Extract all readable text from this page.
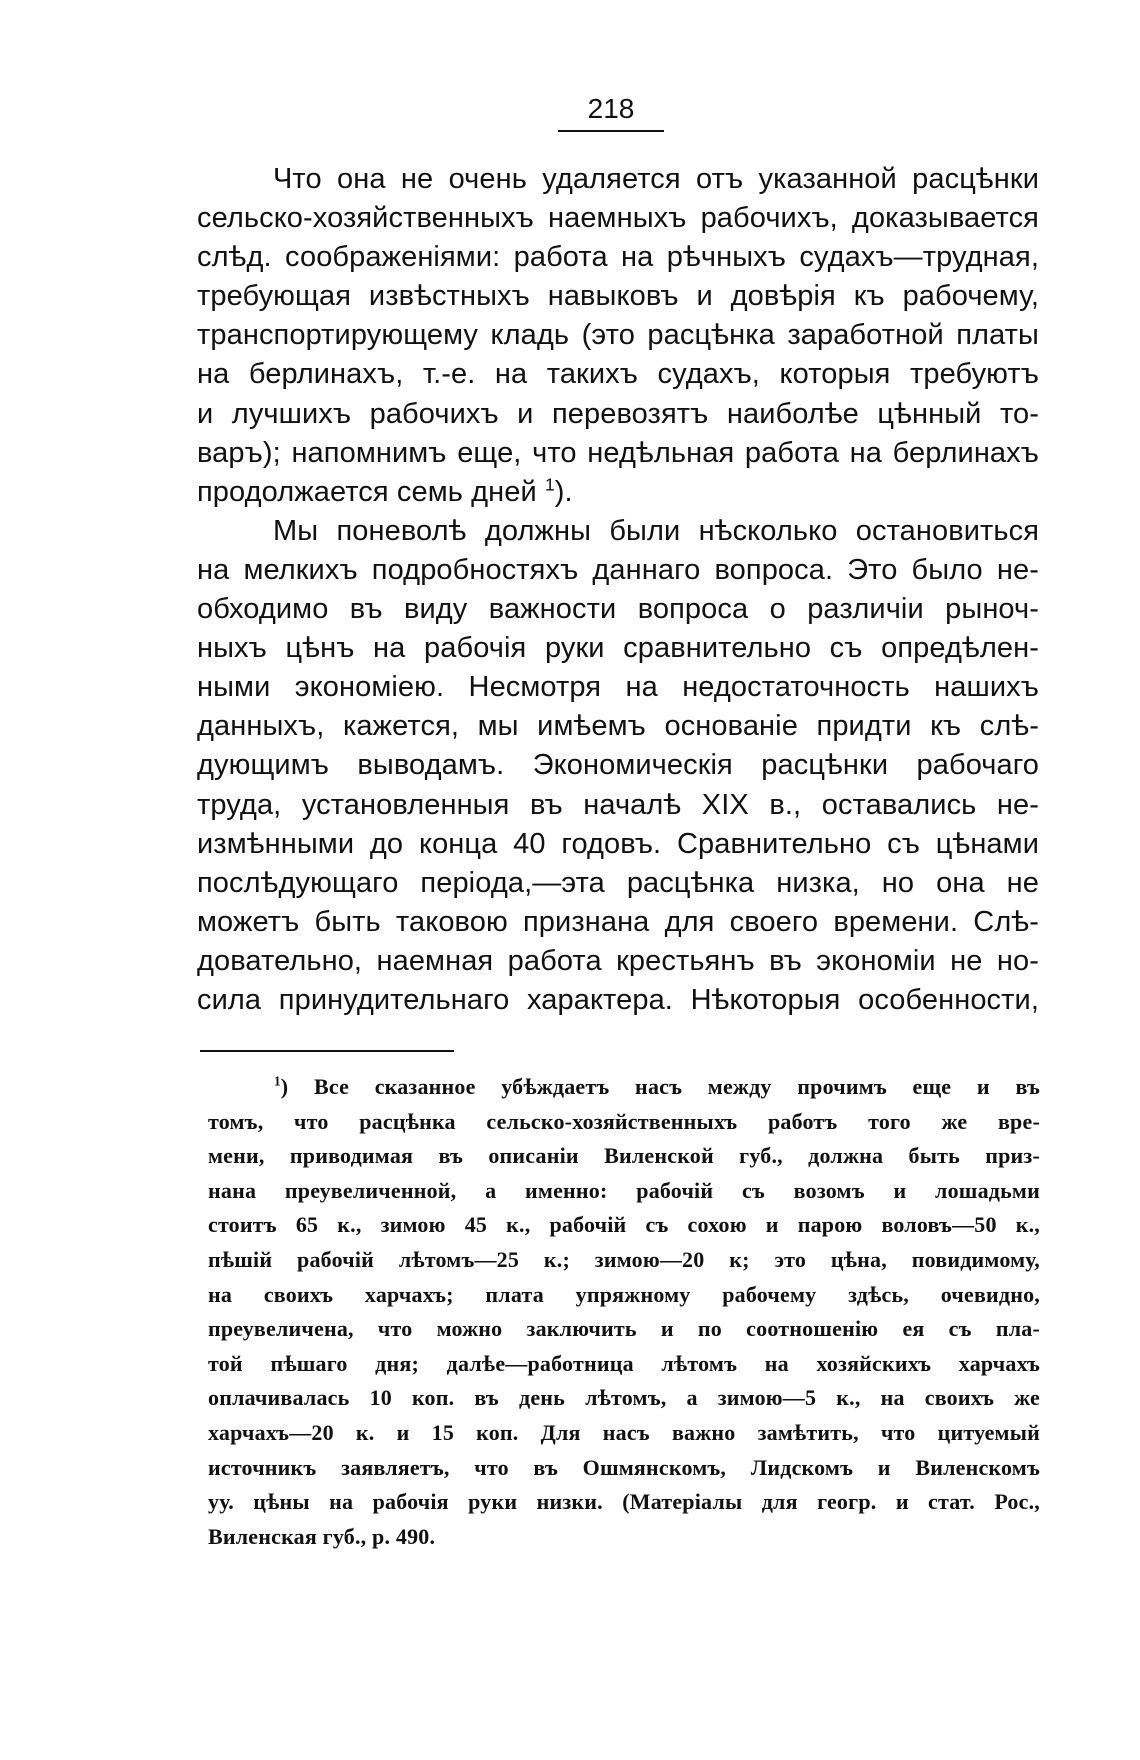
218
Что она не очень удаляется отъ указанной расцѣнки
сельско-хозяйственныхъ наемныхъ рабочихъ, доказывается
слѣд. соображеніями: работа на рѣчныхъ судахъ—трудная,
требующая извѣстныхъ навыковъ и довѣрія къ рабочему,
транспортирующему кладь (это расцѣнка заработной платы
на берлинахъ, т.-е. на такихъ судахъ, которыя требуютъ
и лучшихъ рабочихъ и перевозятъ наиболѣе цѣнный то-
варъ); напомнимъ еще, что недѣльная работа на берлинахъ
продолжается семь дней $^1$).
Мы поневолѣ должны были нѣсколько остановиться
на мелкихъ подробностяхъ даннаго вопроса. Это было не-
обходимо въ виду важности вопроса о различіи рыноч-
ныхъ цѣнъ на рабочія руки сравнительно съ опредѣлен-
ными экономіею. Несмотря на недостаточность нашихъ
данныхъ, кажется, мы имѣемъ основаніе придти къ слѣ-
дующимъ выводамъ. Экономическія расцѣнки рабочаго
труда, установленныя въ началѣ XIX в., оставались не-
измѣнными до конца 40 годовъ. Сравнительно съ цѣнами
послѣдующаго періода,—эта расцѣнка низка, но она не
можетъ быть таковою признана для своего времени. Слѣ-
довательно, наемная работа крестьянъ въ экономіи не но-
сила принудительнаго характера. Нѣкоторыя особенности,
$^1$) Все сказанное убѣждаетъ насъ между прочимъ еще и въ
томъ, что расцѣнка сельско-хозяйственныхъ работъ того же вре-
мени, приводимая въ описаніи Виленской губ., должна быть приз-
нана преувеличенной, а именно: рабочій съ возомъ и лошадьми
стоитъ 65 к., зимою 45 к., рабочій съ сохою и парою воловъ—50 к.,
пѣшій рабочій лѣтомъ—25 к.; зимою—20 к; это цѣна, повидимому,
на своихъ харчахъ; плата упряжному рабочему здѣсь, очевидно,
преувеличена, что можно заключить и по соотношенію ея съ пла-
той пѣшаго дня; далѣе—работница лѣтомъ на хозяйскихъ харчахъ
оплачивалась 10 коп. въ день лѣтомъ, а зимою—5 к., на своихъ же
харчахъ—20 к. и 15 коп. Для насъ важно замѣтить, что цитуемый
источникъ заявляетъ, что въ Ошмянскомъ, Лидскомъ и Виленскомъ
уу. цѣны на рабочія руки низки. (Матеріалы для геогр. и стат. Рос.,
Виленская губ., p. 490.
